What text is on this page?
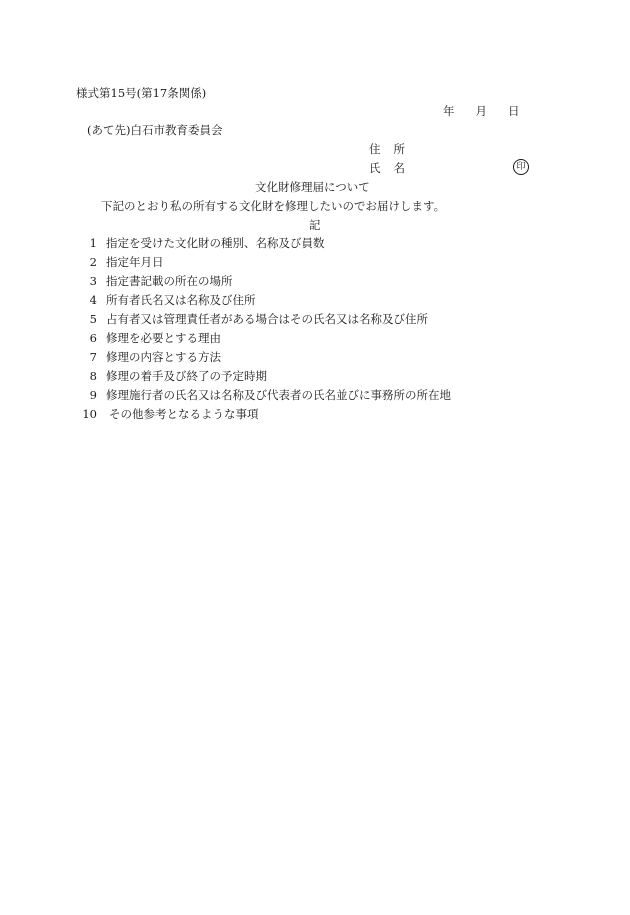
様式第15号(第17条関係)
年 月 日
(あて先)白石市教育委員会
住 所
氏 名	印
文化財修理届について
下記のとおり私の所有する文化財を修理したいのでお届けします。
記
1 指定を受けた文化財の種別、名称及び員数
2 指定年月日
3 指定書記載の所在の場所
4 所有者氏名又は名称及び住所
5 占有者又は管理責任者がある場合はその氏名又は名称及び住所
6 修理を必要とする理由
7 修理の内容とする方法
8 修理の着手及び終了の予定時期
9 修理施行者の氏名又は名称及び代表者の氏名並びに事務所の所在地
10	その他参考となるような事項
